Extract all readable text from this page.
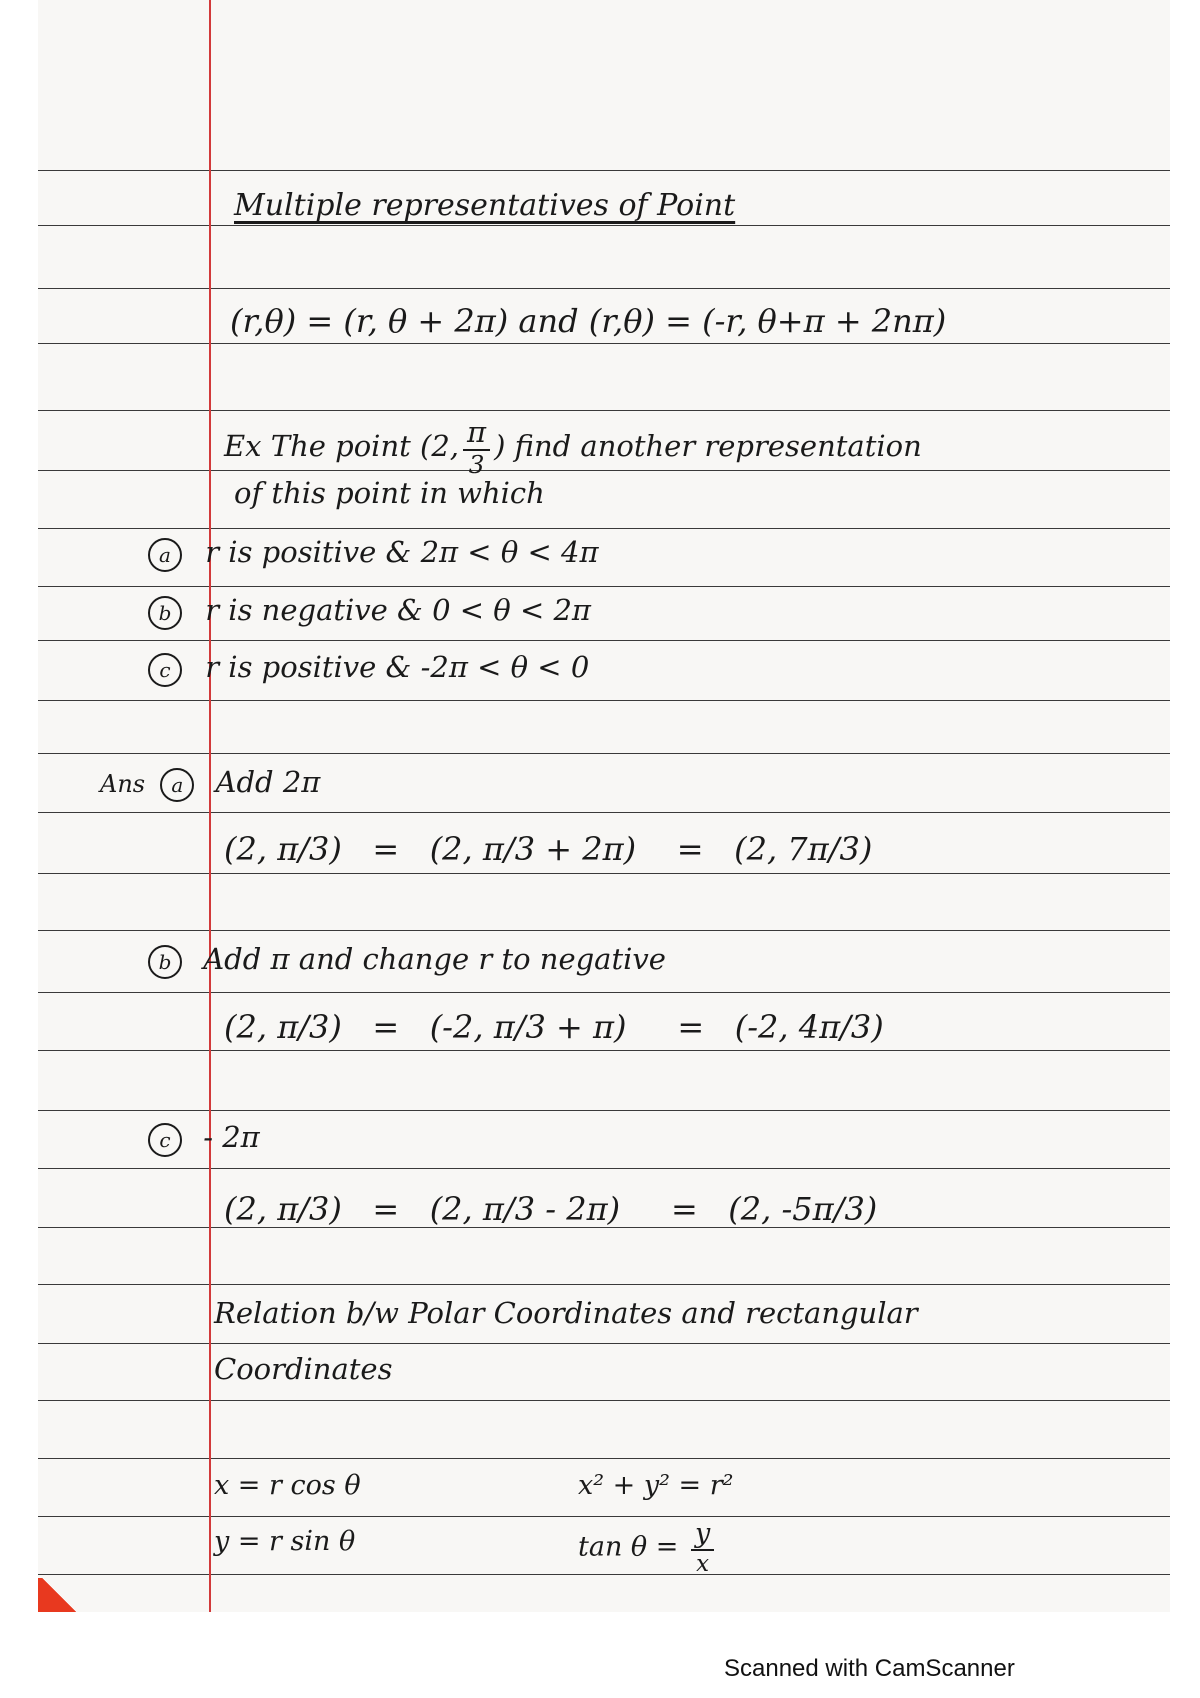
Multiple representatives of Point
(r,θ) = (r, θ + 2π) and (r,θ) = (-r, θ+π + 2nπ)
Ex The point (2, $\frac{\pi}{3}$ ) find another representation
of this point in which
a r is positive & 2π < θ < 4π
b r is negative & 0 < θ < 2π
c r is positive & -2π < θ < 0
Ans a Add 2π
(2, π/3) = (2, π/3 + 2π) = (2, 7π/3)
b Add π and change r to negative
(2, π/3) = (-2, π/3 + π) = (-2, 4π/3)
c - 2π
(2, π/3) = (2, π/3 - 2π) = (2, -5π/3)
Relation b/w Polar Coordinates and rectangular
Coordinates
x = r cos θ
y = r sin θ
x² + y² = r²
$\tan \theta = \frac{y}{x}$
Scanned with CamScanner
